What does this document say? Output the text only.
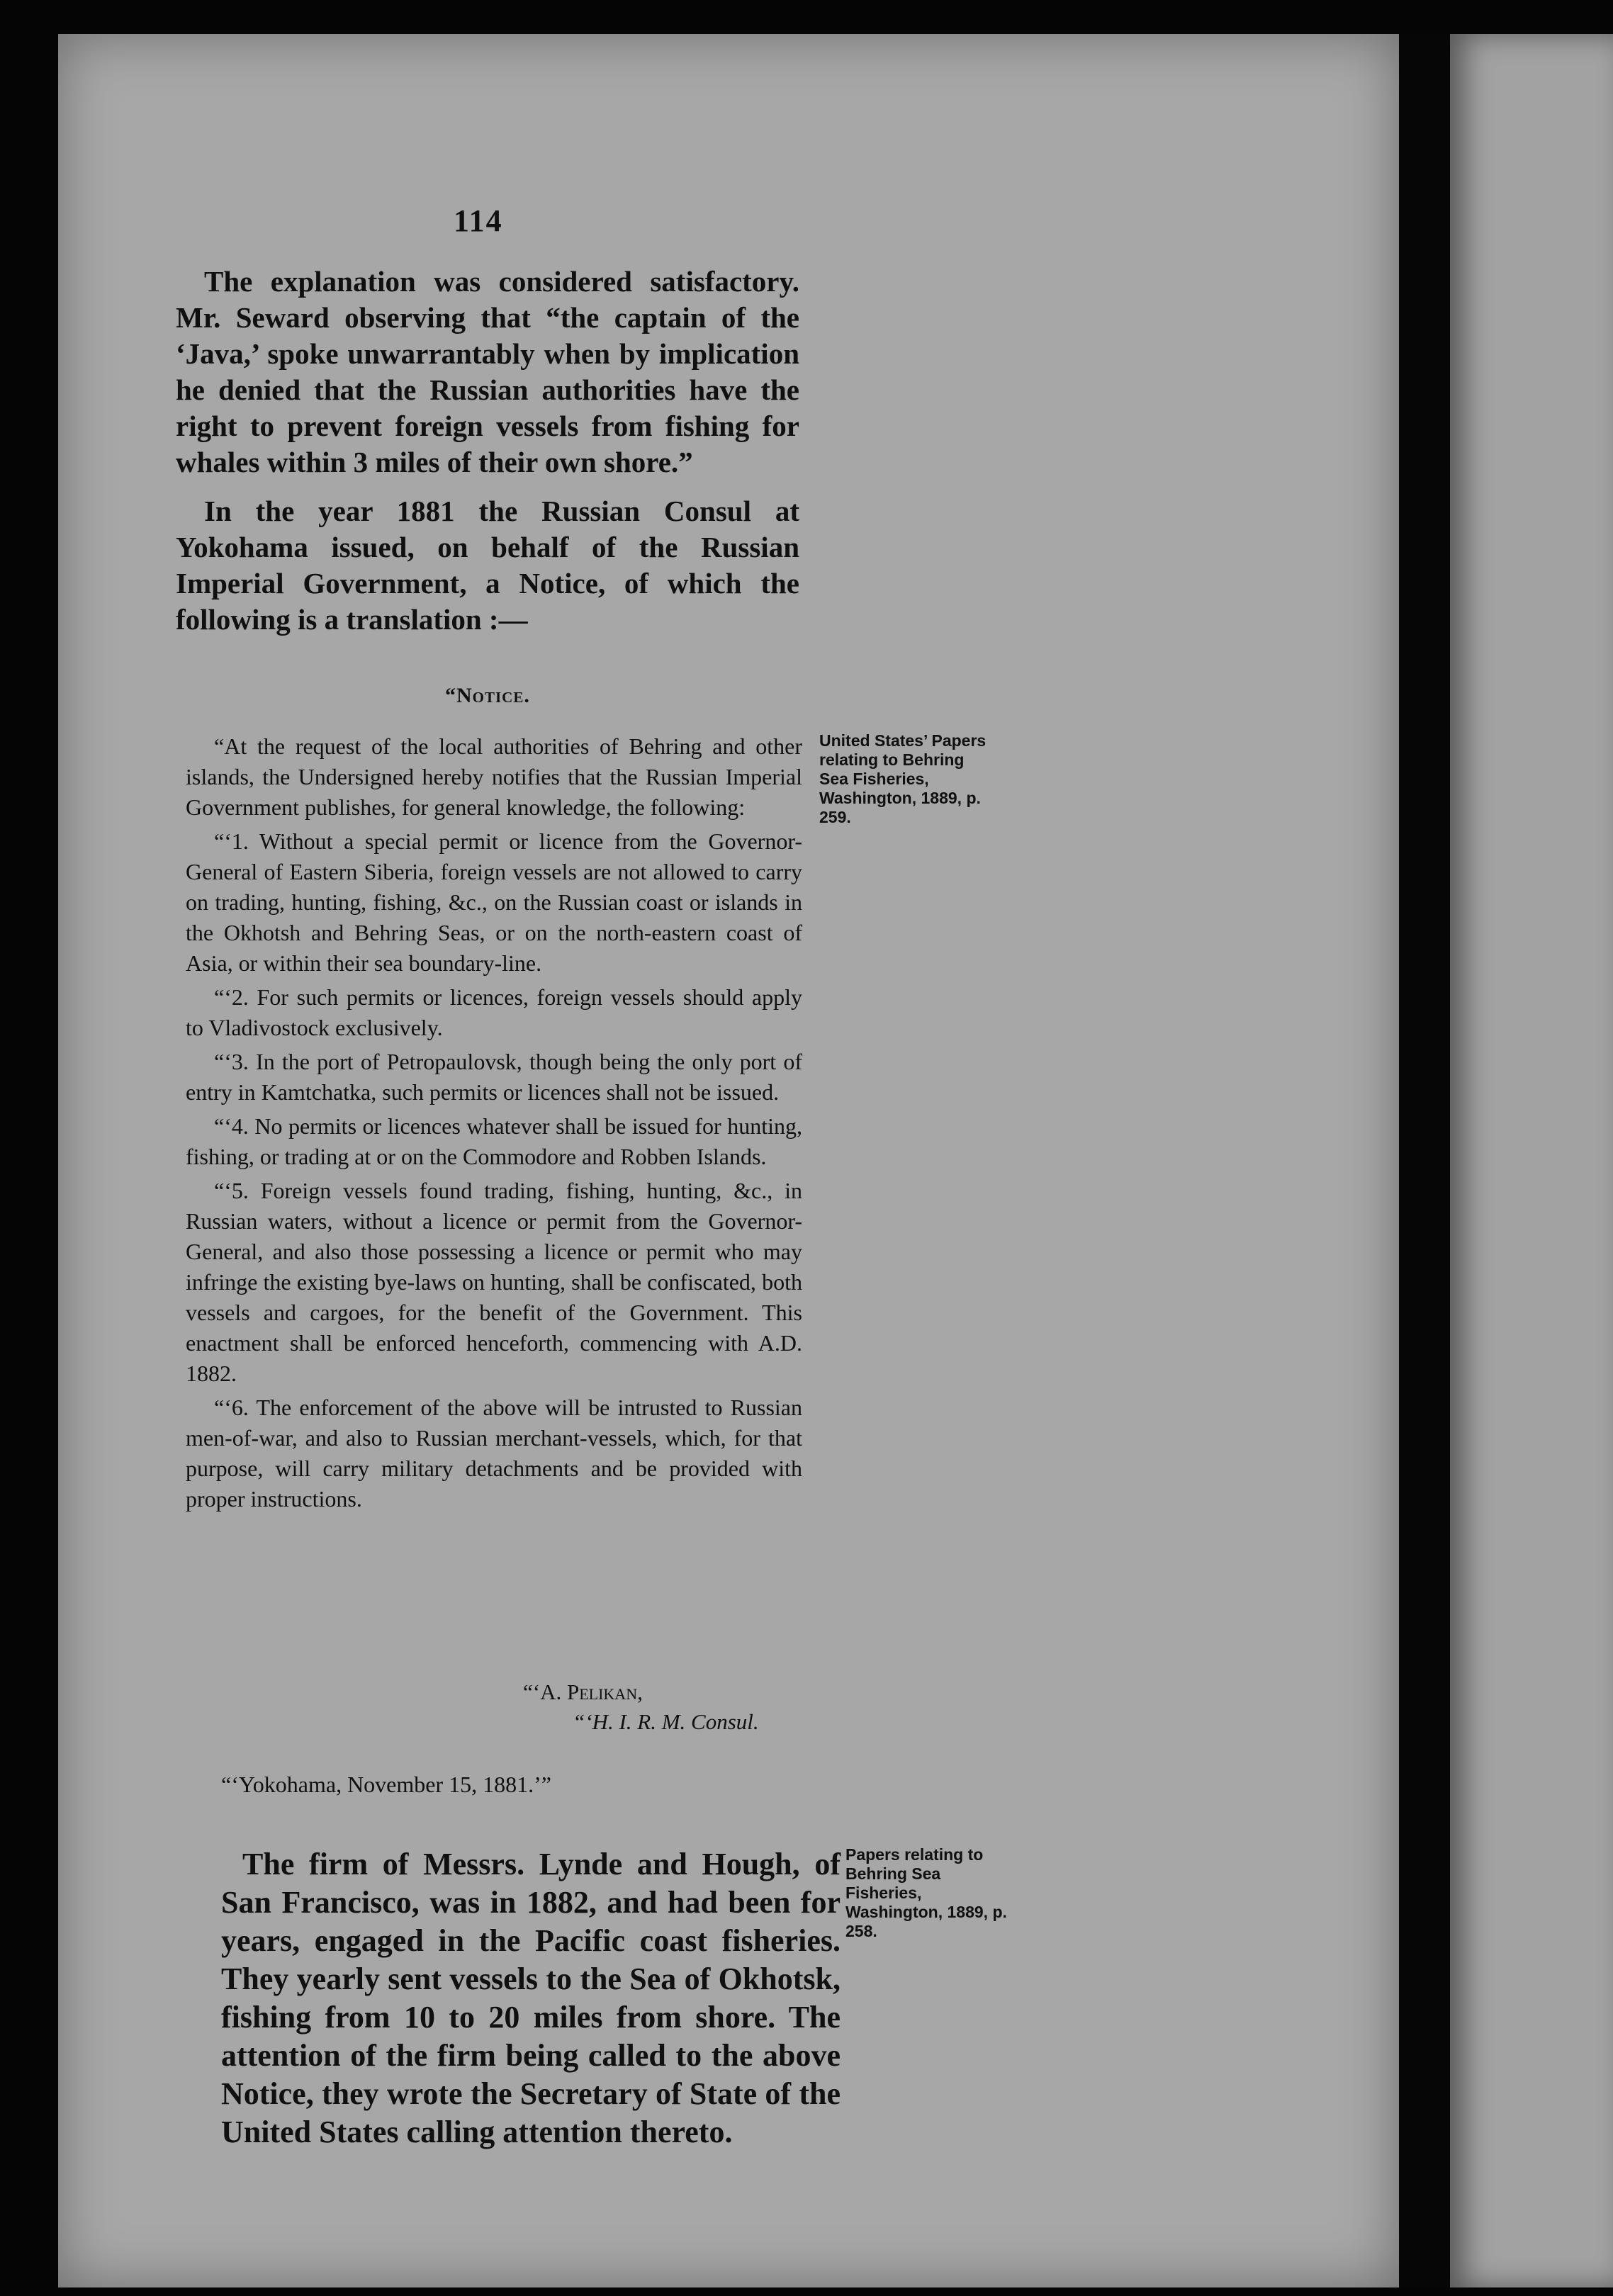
114

The explanation was considered satisfactory. Mr. Seward observing that “the captain of the ‘Java,’ spoke unwarrantably when by implication he denied that the Russian authorities have the right to prevent foreign vessels from fishing for whales within 3 miles of their own shore.”

In the year 1881 the Russian Consul at Yokohama issued, on behalf of the Russian Imperial Government, a Notice, of which the following is a translation :—

“Notice.

“At the request of the local authorities of Behring and other islands, the Undersigned hereby notifies that the Russian Imperial Government publishes, for general knowledge, the following:

“‘1. Without a special permit or licence from the Governor-General of Eastern Siberia, foreign vessels are not allowed to carry on trading, hunting, fishing, &c., on the Russian coast or islands in the Okhotsh and Behring Seas, or on the north-eastern coast of Asia, or within their sea boundary-line.

“‘2. For such permits or licences, foreign vessels should apply to Vladivostock exclusively.

“‘3. In the port of Petropaulovsk, though being the only port of entry in Kamtchatka, such permits or licences shall not be issued.

“‘4. No permits or licences whatever shall be issued for hunting, fishing, or trading at or on the Commodore and Robben Islands.

“‘5. Foreign vessels found trading, fishing, hunting, &c., in Russian waters, without a licence or permit from the Governor-General, and also those possessing a licence or permit who may infringe the existing bye-laws on hunting, shall be confiscated, both vessels and cargoes, for the benefit of the Government. This enactment shall be enforced henceforth, commencing with A.D. 1882.

“‘6. The enforcement of the above will be intrusted to Russian men-of-war, and also to Russian merchant-vessels, which, for that purpose, will carry military detachments and be provided with proper instructions.

“‘A. Pelikan,
“‘H. I. R. M. Consul.
“‘Yokohama, November 15, 1881.’”

The firm of Messrs. Lynde and Hough, of San Francisco, was in 1882, and had been for years, engaged in the Pacific coast fisheries. They yearly sent vessels to the Sea of Okhotsk, fishing from 10 to 20 miles from shore. The attention of the firm being called to the above Notice, they wrote the Secretary of State of the United States calling attention thereto.

United States’ Papers relating to Behring Sea Fisheries, Washington, 1889, p. 259.
Papers relating to Behring Sea Fisheries, Washington, 1889, p. 258.
